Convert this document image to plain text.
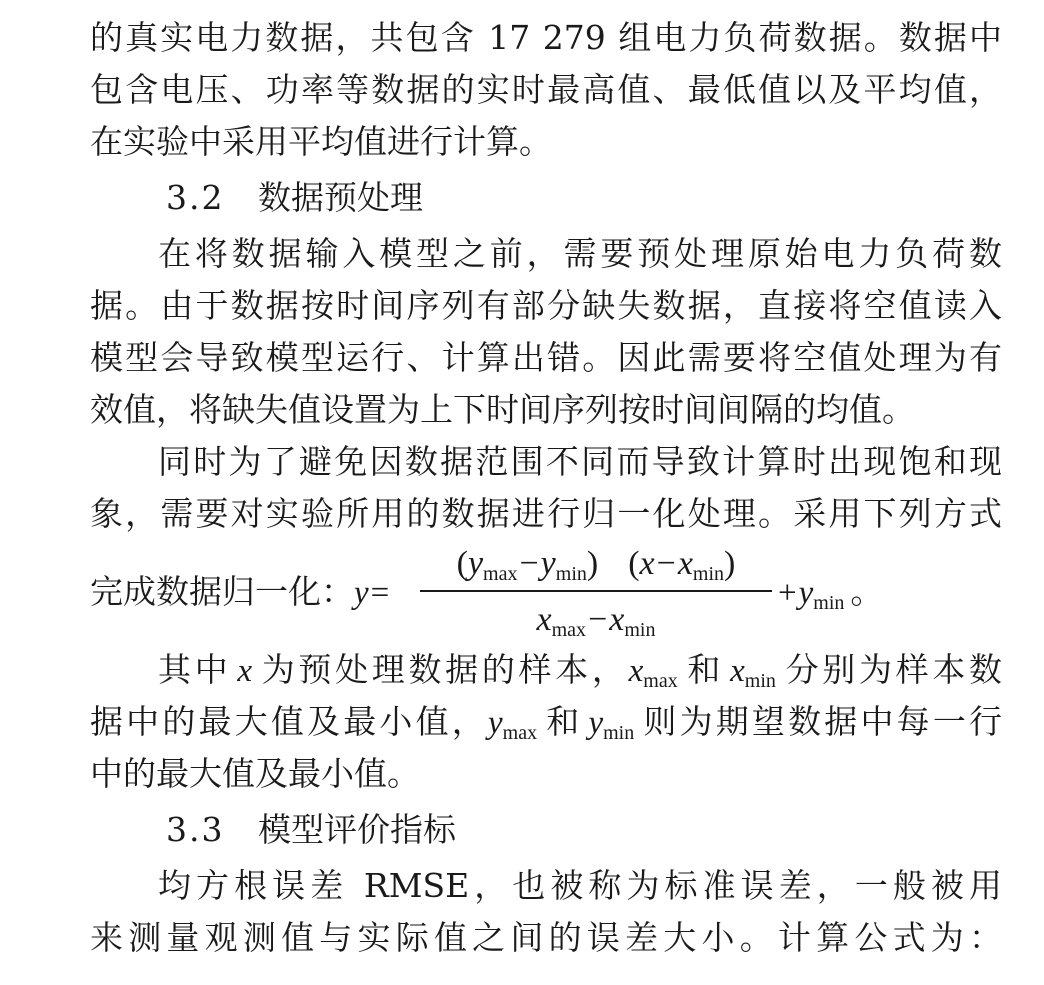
的真实电力数据，共包含 17 279 组电力负荷数据。数据中
包含电压、功率等数据的实时最高值、最低值以及平均值，
在实验中采用平均值进行计算。
3.2 数据预处理
在将数据输入模型之前，需要预处理原始电力负荷数
据。由于数据按时间序列有部分缺失数据，直接将空值读入
模型会导致模型运行、计算出错。因此需要将空值处理为有
效值，将缺失值设置为上下时间序列按时间间隔的均值。
同时为了避免因数据范围不同而导致计算时出现饱和现
象，需要对实验所用的数据进行归一化处理。采用下列方式
完成数据归一化：y=
$(y_{max}-y_{min})$ $(x-x_{min})$
$x_{max}-x_{min}$
$+y_{min}$ 。
其中 x 为预处理数据的样本，$x_{max}$ 和 $x_{min}$ 分别为样本数
据中的最大值及最小值，$y_{max}$ 和 $y_{min}$ 则为期望数据中每一行
中的最大值及最小值。
3.3 模型评价指标
均方根误差 RMSE，也被称为标准误差，一般被用
来测量观测值与实际值之间的误差大小。计算公式为：
